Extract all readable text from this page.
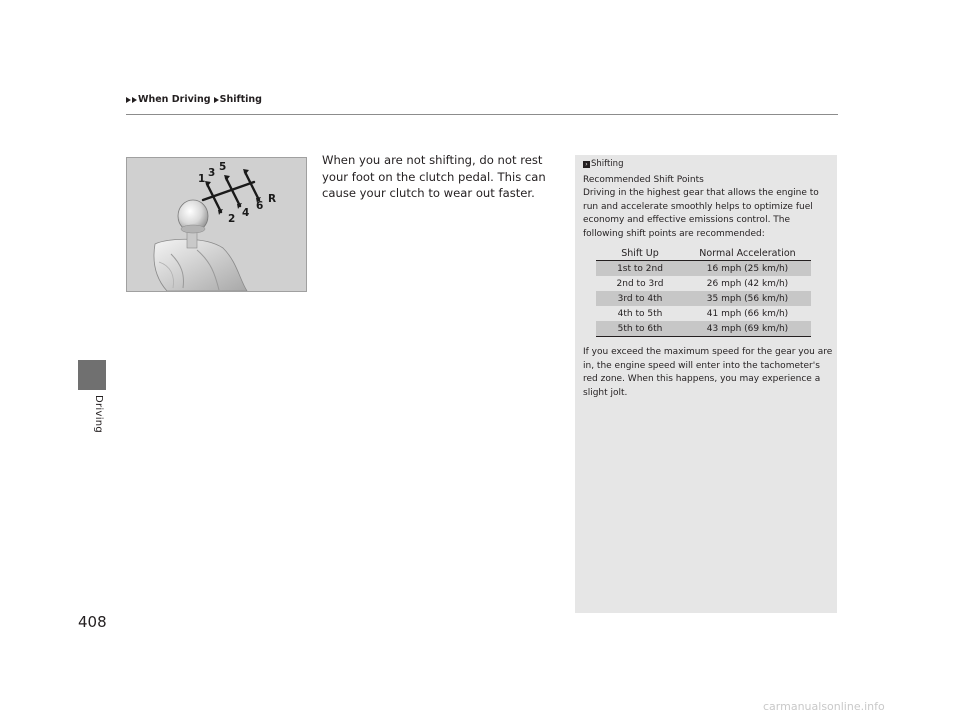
When Driving Shifting
Driving
408
1 3 5
2 4
6
R
When you are not shifting, do not rest your foot on the clutch pedal. This can cause your clutch to wear out faster.
› Shifting
Recommended Shift Points
Driving in the highest gear that allows the engine to run and accelerate smoothly helps to optimize fuel economy and effective emissions control. The following shift points are recommended:
Shift Up	Normal Acceleration
1st to 2nd	16 mph (25 km/h)
2nd to 3rd	26 mph (42 km/h)
3rd to 4th	35 mph (56 km/h)
4th to 5th	41 mph (66 km/h)
5th to 6th	43 mph (69 km/h)
If you exceed the maximum speed for the gear you are in, the engine speed will enter into the tachometer's red zone. When this happens, you may experience a slight jolt.
carmanualsonline.info
